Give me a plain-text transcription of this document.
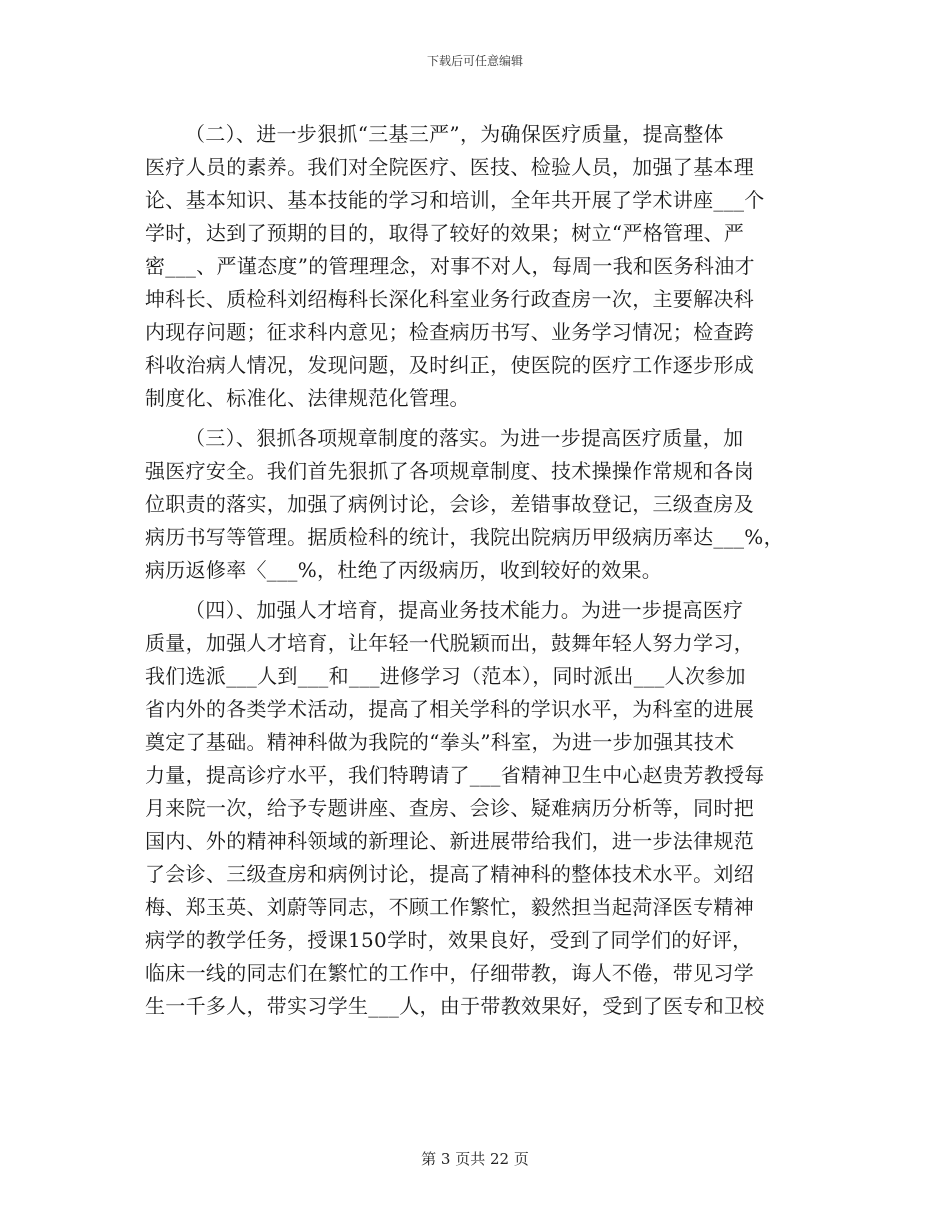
下载后可任意编辑
（二）、进一步狠抓“三基三严”，为确保医疗质量，提高整体
医疗人员的素养。我们对全院医疗、医技、检验人员，加强了基本理
论、基本知识、基本技能的学习和培训，全年共开展了学术讲座___个
学时，达到了预期的目的，取得了较好的效果；树立“严格管理、严
密___、严谨态度”的管理理念，对事不对人，每周一我和医务科油才
坤科长、质检科刘绍梅科长深化科室业务行政查房一次，主要解决科
内现存问题；征求科内意见；检查病历书写、业务学习情况；检查跨
科收治病人情况，发现问题，及时纠正，使医院的医疗工作逐步形成
制度化、标准化、法律规范化管理。
（三）、狠抓各项规章制度的落实。为进一步提高医疗质量，加
强医疗安全。我们首先狠抓了各项规章制度、技术操操作常规和各岗
位职责的落实，加强了病例讨论，会诊，差错事故登记，三级查房及
病历书写等管理。据质检科的统计，我院出院病历甲级病历率达___%，
病历返修率〈___%，杜绝了丙级病历，收到较好的效果。
（四）、加强人才培育，提高业务技术能力。为进一步提高医疗
质量，加强人才培育，让年轻一代脱颖而出，鼓舞年轻人努力学习，
我们选派___人到___和___进修学习（范本），同时派出___人次参加
省内外的各类学术活动，提高了相关学科的学识水平，为科室的进展
奠定了基础。精神科做为我院的“拳头”科室，为进一步加强其技术
力量，提高诊疗水平，我们特聘请了___省精神卫生中心赵贵芳教授每
月来院一次，给予专题讲座、查房、会诊、疑难病历分析等，同时把
国内、外的精神科领域的新理论、新进展带给我们，进一步法律规范
了会诊、三级查房和病例讨论，提高了精神科的整体技术水平。刘绍
梅、郑玉英、刘蔚等同志，不顾工作繁忙，毅然担当起菏泽医专精神
病学的教学任务，授课150学时，效果良好，受到了同学们的好评，
临床一线的同志们在繁忙的工作中，仔细带教，诲人不倦，带见习学
生一千多人，带实习学生___人，由于带教效果好，受到了医专和卫校
第 3 页共 22 页
